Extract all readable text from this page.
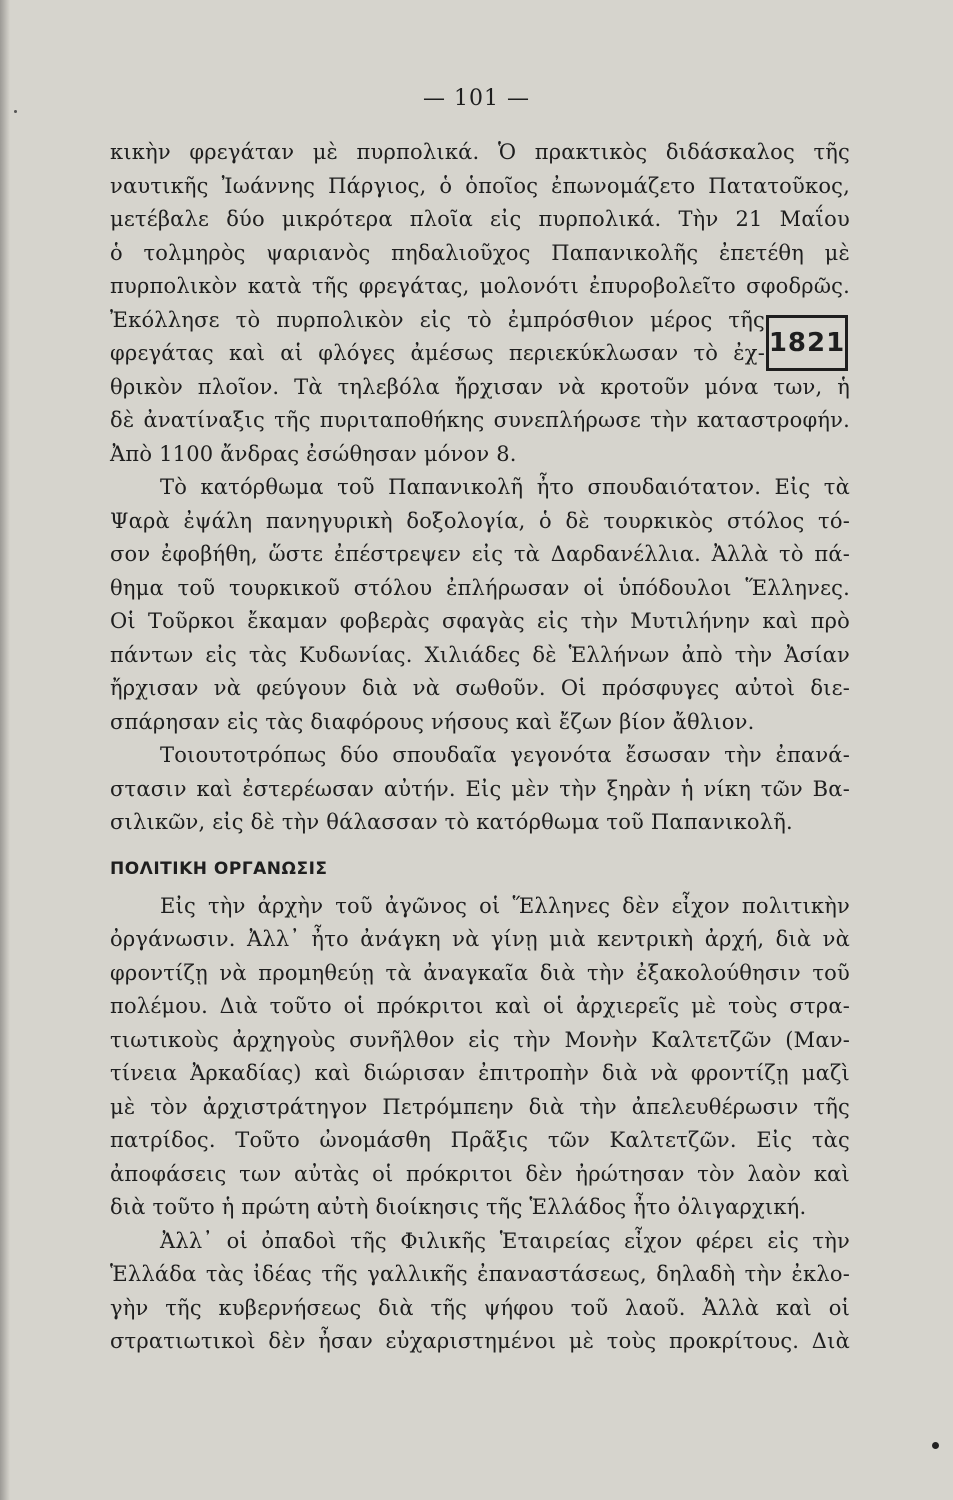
— 101 —
κικὴν φρεγάταν μὲ πυρπολικά. Ὁ πρακτικὸς διδάσκαλος τῆς
ναυτικῆς Ἰωάννης Πάργιος, ὁ ὁποῖος ἐπωνομάζετο Πατατοῦκος,
μετέβαλε δύο μικρότερα πλοῖα εἰς πυρπολικά. Τὴν 21 Μαΐου
ὁ τολμηρὸς ψαριανὸς πηδαλιοῦχος Παπανικολῆς ἐπετέθη μὲ
πυρπολικὸν κατὰ τῆς φρεγάτας, μολονότι ἐπυροβολεῖτο σφοδρῶς.
Ἐκόλλησε τὸ πυρπολικὸν εἰς τὸ ἐμπρόσθιον μέρος τῆς
φρεγάτας καὶ αἱ φλόγες ἀμέσως περιεκύκλωσαν τὸ ἐχ-
θρικὸν πλοῖον. Τὰ τηλεβόλα ἤρχισαν νὰ κροτοῦν μόνα των, ἡ
δὲ ἀνατίναξις τῆς πυριταποθήκης συνεπλήρωσε τὴν καταστροφήν.
Ἀπὸ 1100 ἄνδρας ἐσώθησαν μόνον 8.
Τὸ κατόρθωμα τοῦ Παπανικολῆ ἦτο σπουδαιότατον. Εἰς τὰ
Ψαρὰ ἐψάλη πανηγυρικὴ δοξολογία, ὁ δὲ τουρκικὸς στόλος τό-
σον ἐφοβήθη, ὥστε ἐπέστρεψεν εἰς τὰ Δαρδανέλλια. Ἀλλὰ τὸ πά-
θημα τοῦ τουρκικοῦ στόλου ἐπλήρωσαν οἱ ὑπόδουλοι Ἕλληνες.
Οἱ Τοῦρκοι ἔκαμαν φοβερὰς σφαγὰς εἰς τὴν Μυτιλήνην καὶ πρὸ
πάντων εἰς τὰς Κυδωνίας. Χιλιάδες δὲ Ἑλλήνων ἀπὸ τὴν Ἀσίαν
ἤρχισαν νὰ φεύγουν διὰ νὰ σωθοῦν. Οἱ πρόσφυγες αὐτοὶ διε-
σπάρησαν εἰς τὰς διαφόρους νήσους καὶ ἔζων βίον ἄθλιον.
Τοιουτοτρόπως δύο σπουδαῖα γεγονότα ἔσωσαν τὴν ἐπανά-
στασιν καὶ ἐστερέωσαν αὐτήν. Εἰς μὲν τὴν ξηρὰν ἡ νίκη τῶν Βα-
σιλικῶν, εἰς δὲ τὴν θάλασσαν τὸ κατόρθωμα τοῦ Παπανικολῆ.
ΠΟΛΙΤΙΚΗ ΟΡΓΑΝΩΣΙΣ
Εἰς τὴν ἀρχὴν τοῦ ἀγῶνος οἱ Ἕλληνες δὲν εἶχον πολιτικὴν
ὀργάνωσιν. Ἀλλ᾿ ἦτο ἀνάγκη νὰ γίνῃ μιὰ κεντρικὴ ἀρχή, διὰ νὰ
φροντίζῃ νὰ προμηθεύῃ τὰ ἀναγκαῖα διὰ τὴν ἐξακολούθησιν τοῦ
πολέμου. Διὰ τοῦτο οἱ πρόκριτοι καὶ οἱ ἀρχιερεῖς μὲ τοὺς στρα-
τιωτικοὺς ἀρχηγοὺς συνῆλθον εἰς τὴν Μονὴν Καλτετζῶν (Μαν-
τίνεια Ἀρκαδίας) καὶ διώρισαν ἐπιτροπὴν διὰ νὰ φροντίζῃ μαζὶ
μὲ τὸν ἀρχιστράτηγον Πετρόμπεην διὰ τὴν ἀπελευθέρωσιν τῆς
πατρίδος. Τοῦτο ὠνομάσθη Πρᾶξις τῶν Καλτετζῶν. Εἰς τὰς
ἀποφάσεις των αὐτὰς οἱ πρόκριτοι δὲν ἠρώτησαν τὸν λαὸν καὶ
διὰ τοῦτο ἡ πρώτη αὐτὴ διοίκησις τῆς Ἑλλάδος ἦτο ὀλιγαρχική.
Ἀλλ᾿ οἱ ὀπαδοὶ τῆς Φιλικῆς Ἑταιρείας εἶχον φέρει εἰς τὴν
Ἑλλάδα τὰς ἰδέας τῆς γαλλικῆς ἐπαναστάσεως, δηλαδὴ τὴν ἐκλο-
γὴν τῆς κυβερνήσεως διὰ τῆς ψήφου τοῦ λαοῦ. Ἀλλὰ καὶ οἱ
στρατιωτικοὶ δὲν ἦσαν εὐχαριστημένοι μὲ τοὺς προκρίτους. Διὰ
1821
